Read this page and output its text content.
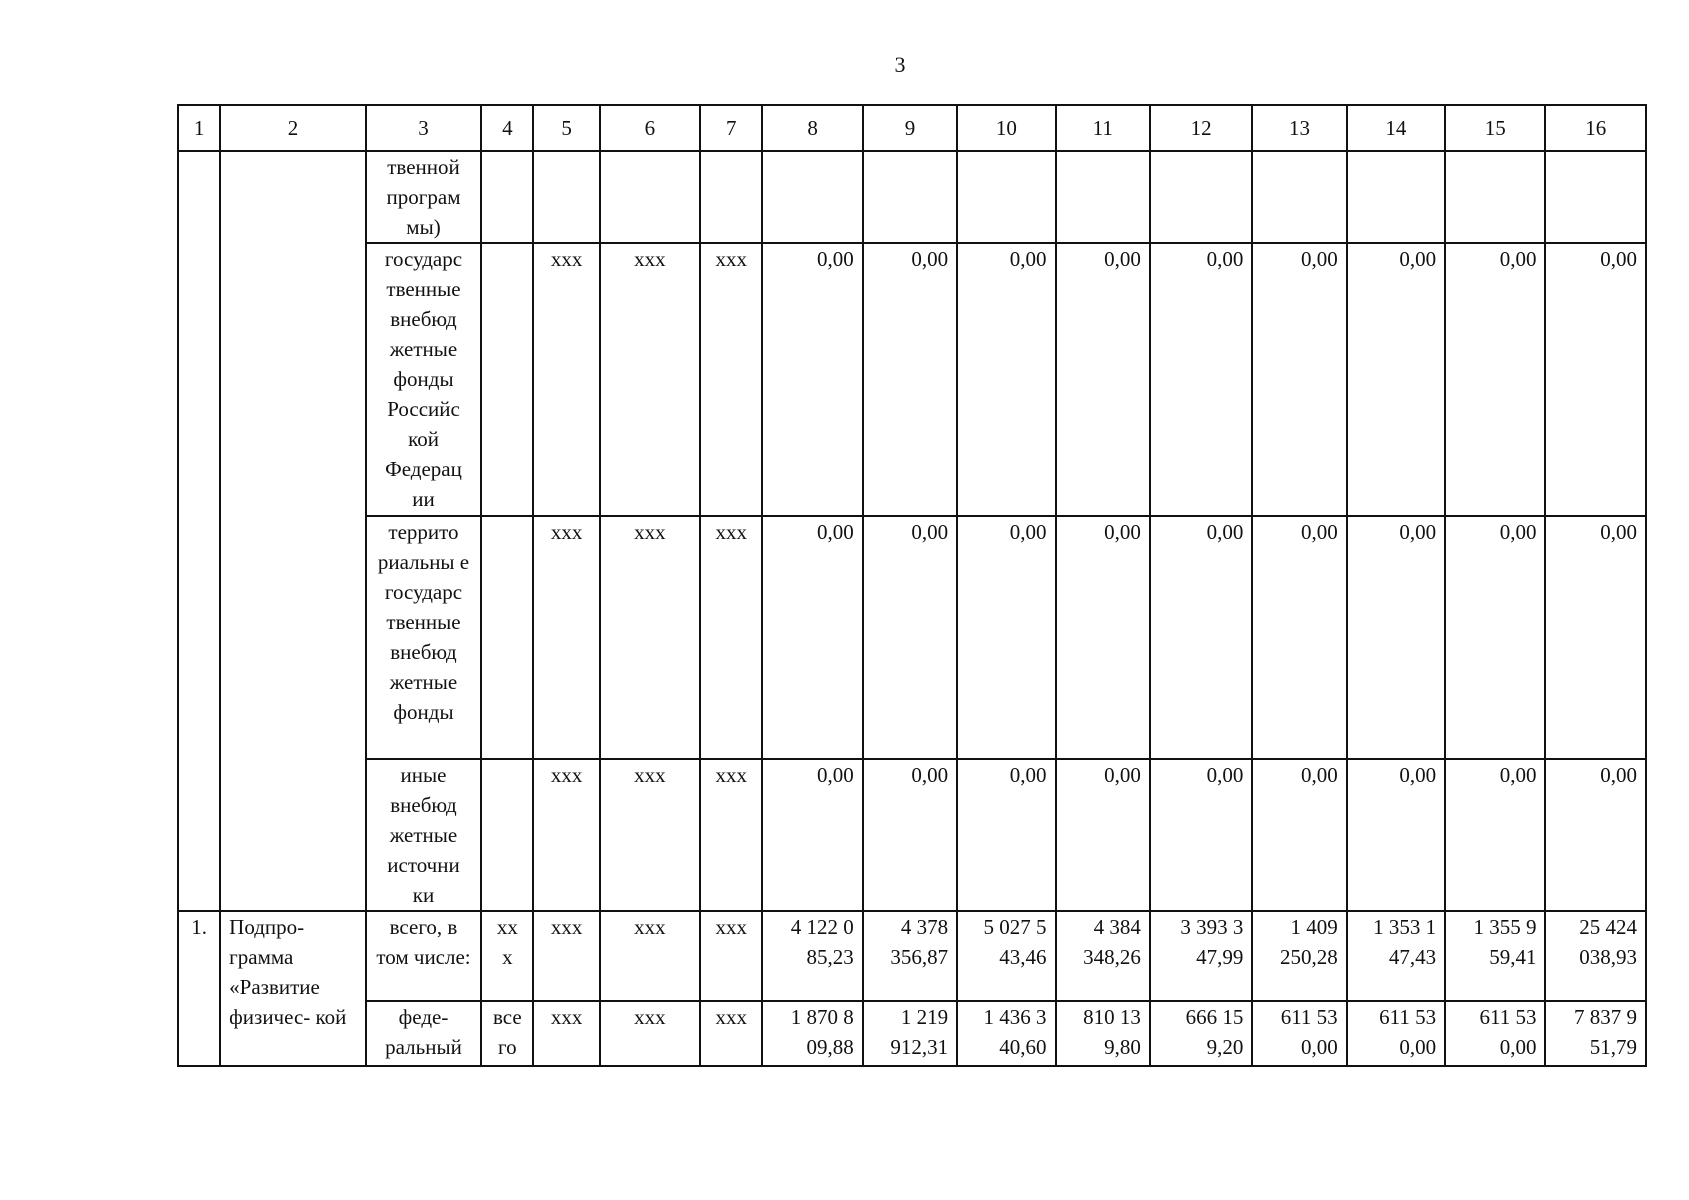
3
1	2	3	4	5	6	7	8	9	10	11	12	13	14	15	16
		твенной програм мы)													
		государс твенные внебюд жетные фонды Российс кой Федерац ии		ххх	ххх	ххх	0,00	0,00	0,00	0,00	0,00	0,00	0,00	0,00	0,00
		террито риальны е государс твенные внебюд жетные фонды		ххх	ххх	ххх	0,00	0,00	0,00	0,00	0,00	0,00	0,00	0,00	0,00
		иные внебюд жетные источни ки		ххх	ххх	ххх	0,00	0,00	0,00	0,00	0,00	0,00	0,00	0,00	0,00
1.	Подпро- грамма «Развитие физичес- кой	всего, в том числе:	хх х	ххх	ххх	ххх	4 122 0 85,23	4 378 356,87	5 027 5 43,46	4 384 348,26	3 393 3 47,99	1 409 250,28	1 353 1 47,43	1 355 9 59,41	25 424 038,93
		феде- ральный	все го	ххх	ххх	ххх	1 870 8 09,88	1 219 912,31	1 436 3 40,60	810 13 9,80	666 15 9,20	611 53 0,00	611 53 0,00	611 53 0,00	7 837 9 51,79
